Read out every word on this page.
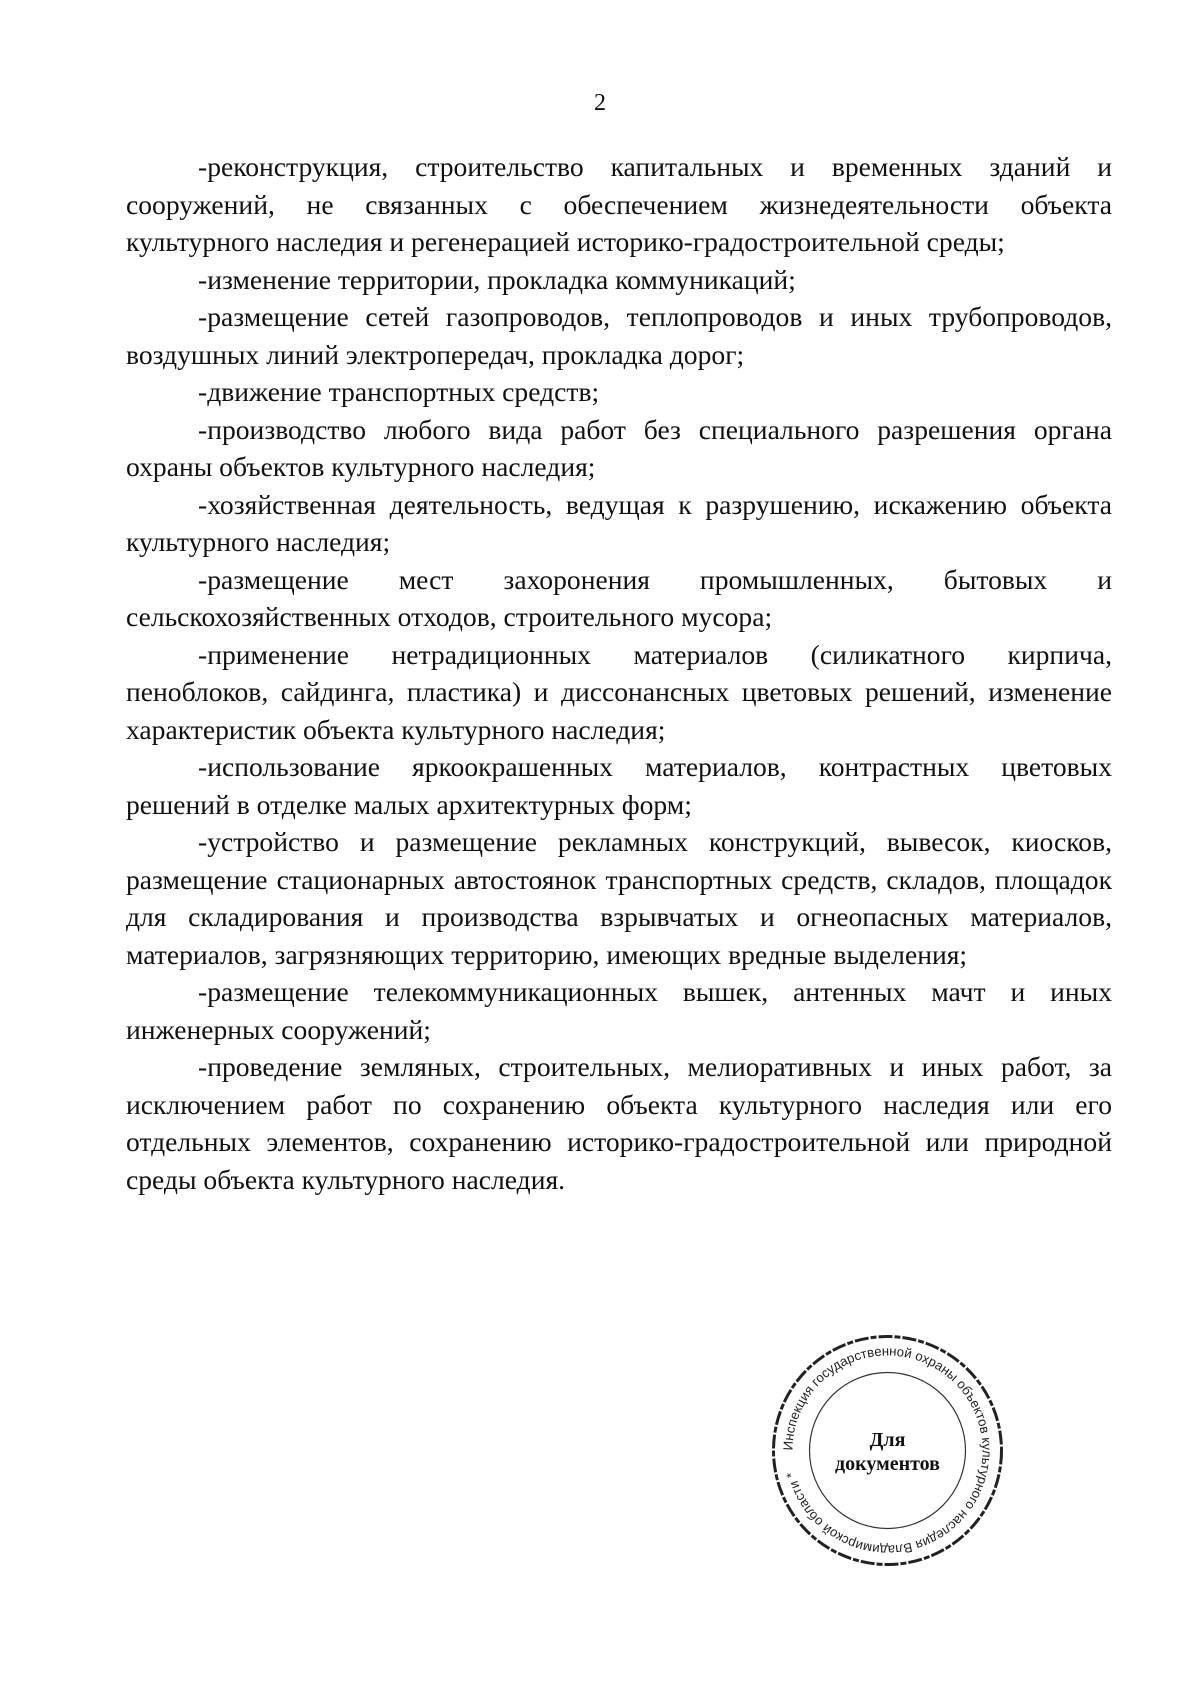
2

-реконструкция, строительство капитальных и временных зданий и сооружений, не связанных с обеспечением жизнедеятельности объекта культурного наследия и регенерацией историко-градостроительной среды;

-изменение территории, прокладка коммуникаций;

-размещение сетей газопроводов, теплопроводов и иных трубопроводов, воздушных линий электропередач, прокладка дорог;

-движение транспортных средств;

-производство любого вида работ без специального разрешения органа охраны объектов культурного наследия;

-хозяйственная деятельность, ведущая к разрушению, искажению объекта культурного наследия;

-размещение мест захоронения промышленных, бытовых и сельскохозяйственных отходов, строительного мусора;

-применение нетрадиционных материалов (силикатного кирпича, пеноблоков, сайдинга, пластика) и диссонансных цветовых решений, изменение характеристик объекта культурного наследия;

-использование яркоокрашенных материалов, контрастных цветовых решений в отделке малых архитектурных форм;

-устройство и размещение рекламных конструкций, вывесок, киосков, размещение стационарных автостоянок транспортных средств, складов, площадок для складирования и производства взрывчатых и огнеопасных материалов, материалов, загрязняющих территорию, имеющих вредные выделения;

-размещение телекоммуникационных вышек, антенных мачт и иных инженерных сооружений;

-проведение земляных, строительных, мелиоративных и иных работ, за исключением работ по сохранению объекта культурного наследия или его отдельных элементов, сохранению историко-градостроительной или природной среды объекта культурного наследия.

Инспекция государственной охраны объектов культурного наследия Владимирской области *
Для
документов
